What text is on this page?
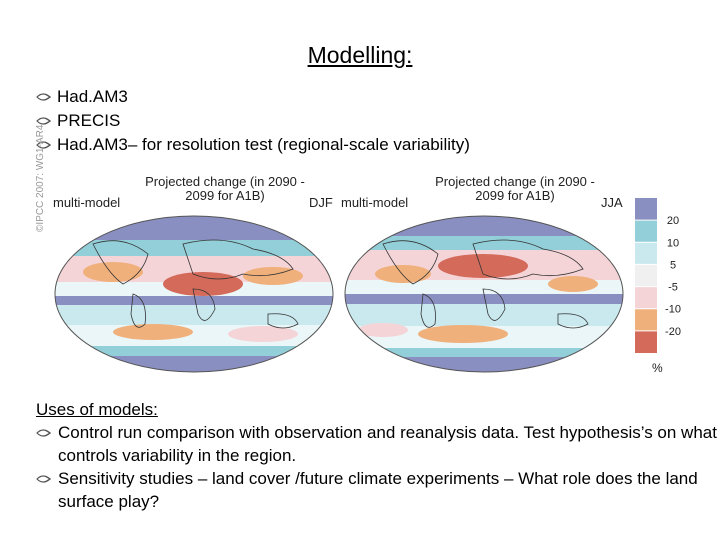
Modelling:
Had.AM3
PRECIS
Had.AM3– for resolution test (regional-scale variability)
©IPCC 2007: WG1-AR4 multi-model
Projected change (in 2090 - 2099 for A1B)	DJF multi-model
Projected change (in 2090 - 2099 for A1B)	JJA
20
10
5
-5
-10
-20
%
Uses of models:
Control run comparison with observation and reanalysis data. Test hypothesis’s on what controls variability in the region.
Sensitivity studies – land cover /future climate experiments – What role does the land surface play?
